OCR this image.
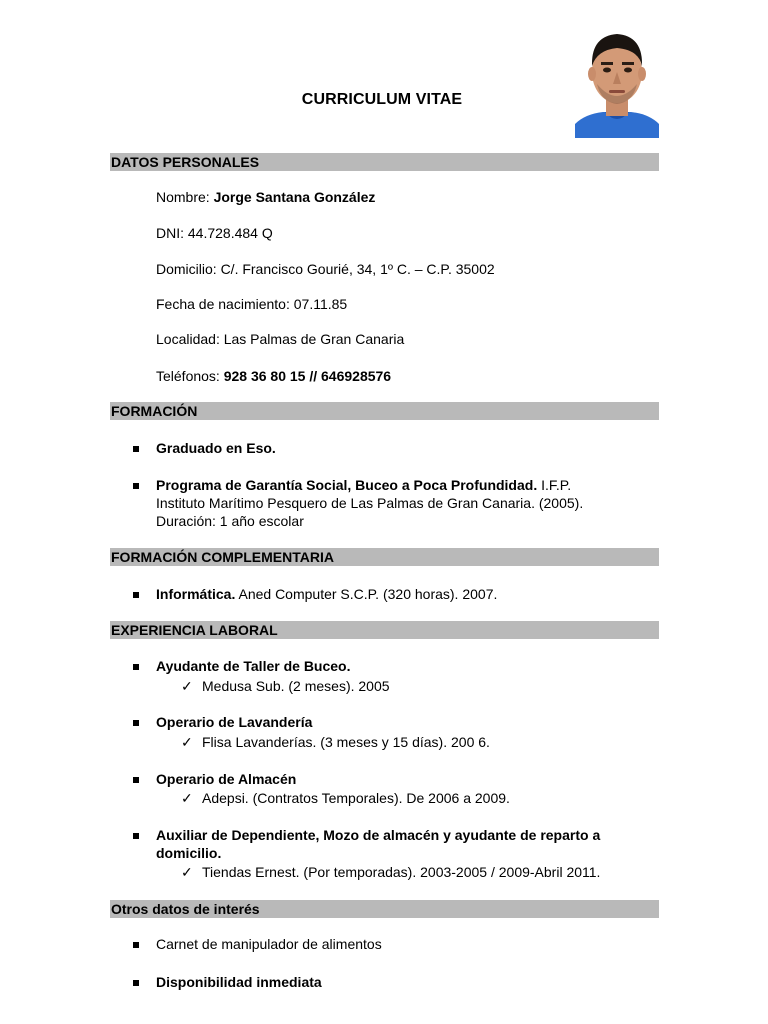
CURRICULUM VITAE
DATOS PERSONALES
Nombre: Jorge Santana González
DNI: 44.728.484 Q
Domicilio: C/. Francisco Gourié, 34, 1º C. – C.P. 35002
Fecha de nacimiento: 07.11.85
Localidad: Las Palmas de Gran Canaria
Teléfonos: 928 36 80 15 // 646928576
FORMACIÓN
Graduado en Eso.
Programa de Garantía Social, Buceo a Poca Profundidad. I.F.P.
Instituto Marítimo Pesquero de Las Palmas de Gran Canaria. (2005).
Duración: 1 año escolar
FORMACIÓN COMPLEMENTARIA
Informática. Aned Computer S.C.P. (320 horas). 2007.
EXPERIENCIA LABORAL
Ayudante de Taller de Buceo.
✓ Medusa Sub. (2 meses). 2005
Operario de Lavandería
✓ Flisa Lavanderías. (3 meses y 15 días). 200 6.
Operario de Almacén
✓ Adepsi. (Contratos Temporales). De 2006 a 2009.
Auxiliar de Dependiente, Mozo de almacén y ayudante de reparto a
domicilio.
✓ Tiendas Ernest. (Por temporadas). 2003-2005 / 2009-Abril 2011.
Otros datos de interés
Carnet de manipulador de alimentos
Disponibilidad inmediata
